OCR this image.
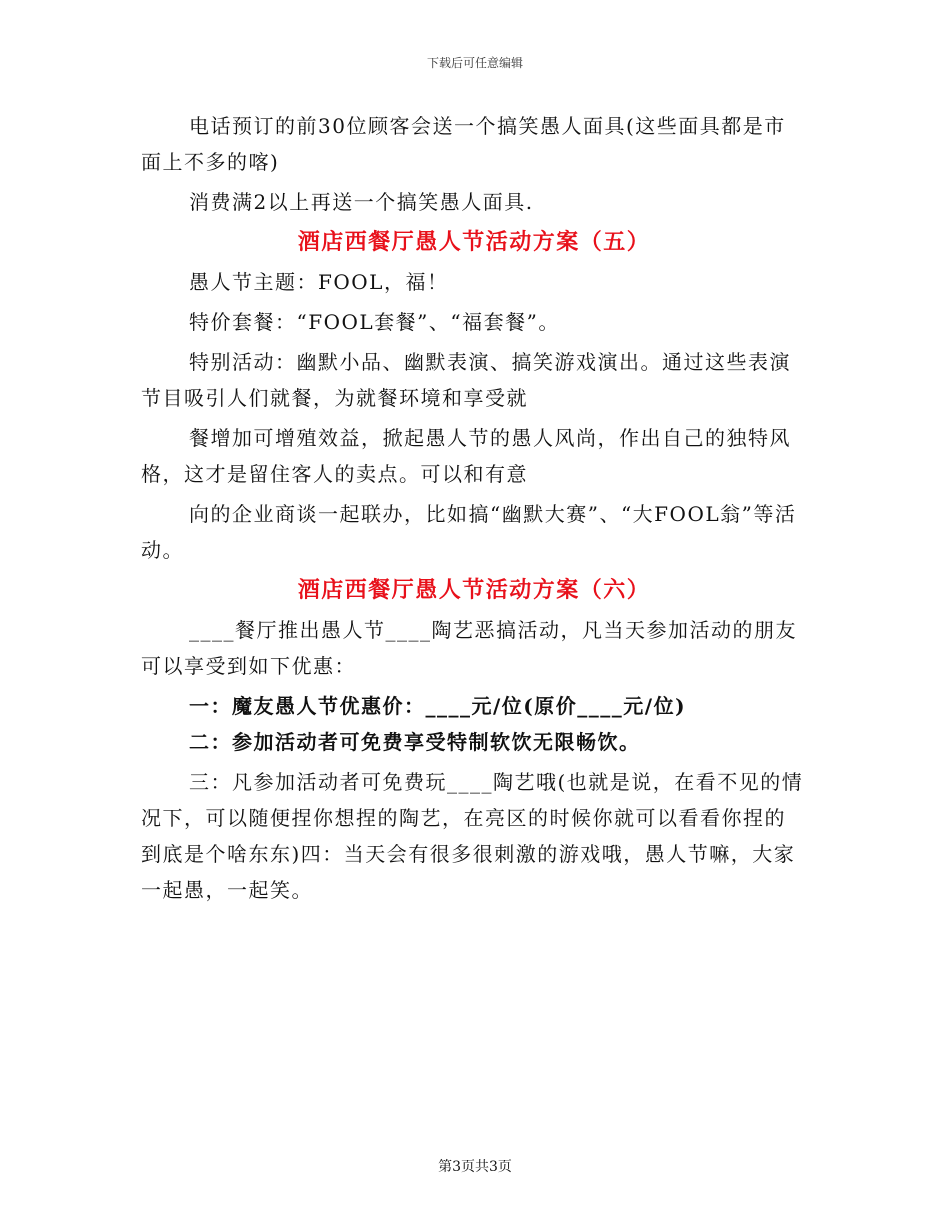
下载后可任意编辑

电话预订的前30位顾客会送一个搞笑愚人面具(这些面具都是市面上不多的喀)

消费满2以上再送一个搞笑愚人面具.

酒店西餐厅愚人节活动方案（五）

愚人节主题：FOOL，福！

特价套餐：“FOOL套餐”、“福套餐”。

特别活动：幽默小品、幽默表演、搞笑游戏演出。通过这些表演节目吸引人们就餐，为就餐环境和享受就

餐增加可增殖效益，掀起愚人节的愚人风尚，作出自己的独特风格，这才是留住客人的卖点。可以和有意

向的企业商谈一起联办，比如搞“幽默大赛”、“大FOOL翁”等活动。

酒店西餐厅愚人节活动方案（六）

____餐厅推出愚人节____陶艺恶搞活动，凡当天参加活动的朋友可以享受到如下优惠：

一：魔友愚人节优惠价：____元/位(原价____元/位)

二：参加活动者可免费享受特制软饮无限畅饮。

三：凡参加活动者可免费玩____陶艺哦(也就是说，在看不见的情况下，可以随便捏你想捏的陶艺，在亮区的时候你就可以看看你捏的到底是个啥东东)四：当天会有很多很刺激的游戏哦，愚人节嘛，大家一起愚，一起笑。

第3页共3页
